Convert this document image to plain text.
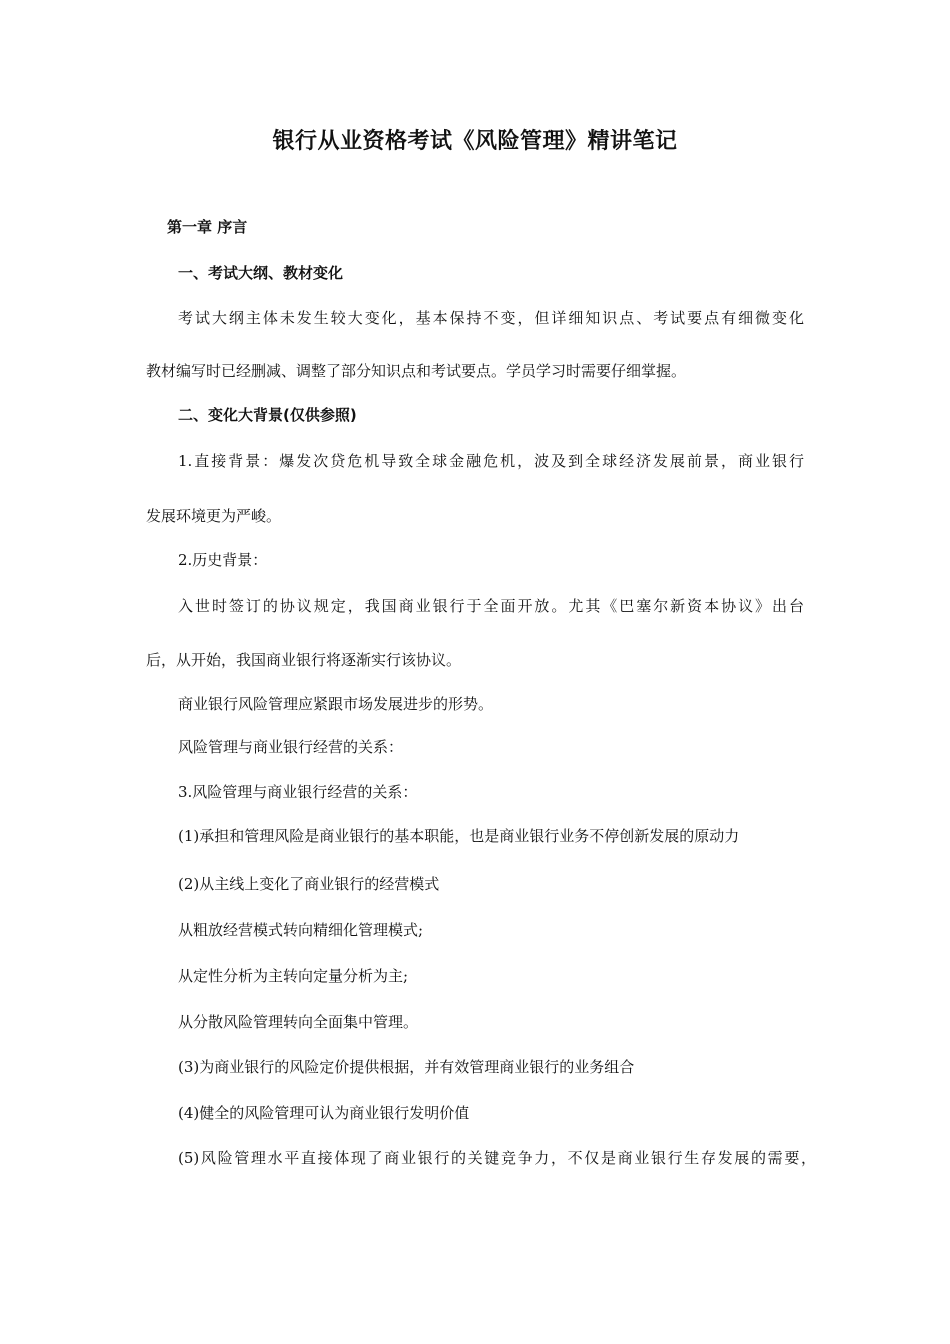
银行从业资格考试《风险管理》精讲笔记
第一章 序言
一、考试大纲、教材变化
考试大纲主体未发生较大变化，基本保持不变，但详细知识点、考试要点有细微变化
教材编写时已经删减、调整了部分知识点和考试要点。学员学习时需要仔细掌握。
二、变化大背景(仅供参照)
1.直接背景：爆发次贷危机导致全球金融危机，波及到全球经济发展前景，商业银行
发展环境更为严峻。
2.历史背景：
入世时签订的协议规定，我国商业银行于全面开放。尤其《巴塞尔新资本协议》出台
后，从开始，我国商业银行将逐渐实行该协议。
商业银行风险管理应紧跟市场发展进步的形势。
风险管理与商业银行经营的关系：
3.风险管理与商业银行经营的关系：
(1)承担和管理风险是商业银行的基本职能，也是商业银行业务不停创新发展的原动力
(2)从主线上变化了商业银行的经营模式
从粗放经营模式转向精细化管理模式;
从定性分析为主转向定量分析为主;
从分散风险管理转向全面集中管理。
(3)为商业银行的风险定价提供根据，并有效管理商业银行的业务组合
(4)健全的风险管理可认为商业银行发明价值
(5)风险管理水平直接体现了商业银行的关键竞争力，不仅是商业银行生存发展的需要，
